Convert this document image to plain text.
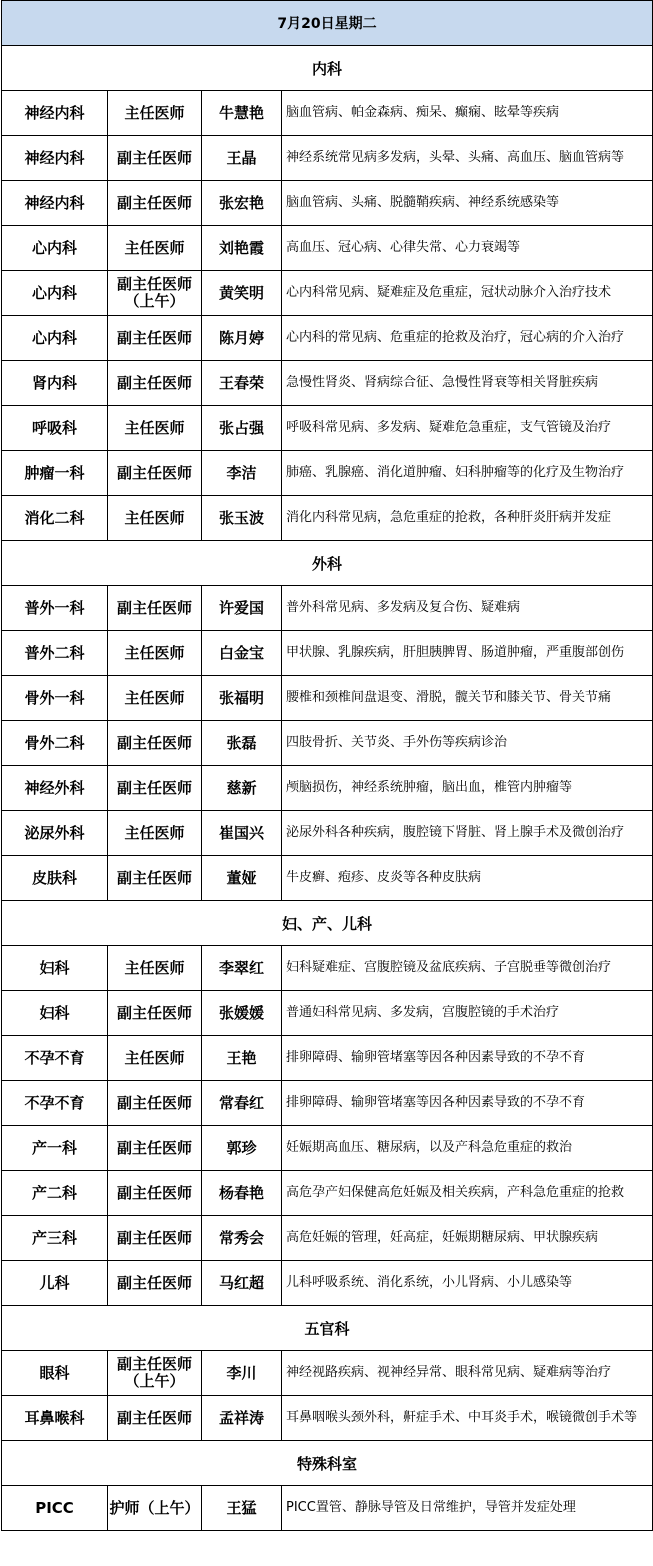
7月20日星期二			
内科			
神经内科	主任医师	牛慧艳	脑血管病、帕金森病、痴呆、癫痫、眩晕等疾病

神经内科	副主任医师	王晶	神经系统常见病多发病，头晕、头痛、高血压、脑血管病等

神经内科	副主任医师	张宏艳	脑血管病、头痛、脱髓鞘疾病、神经系统感染等

心内科	主任医师	刘艳霞	高血压、冠心病、心律失常、心力衰竭等

心内科	副主任医师（上午）	黄笑明	心内科常见病、疑难症及危重症，冠状动脉介入治疗技术

心内科	副主任医师	陈月婷	心内科的常见病、危重症的抢救及治疗，冠心病的介入治疗

肾内科	副主任医师	王春荣	急慢性肾炎、肾病综合征、急慢性肾衰等相关肾脏疾病

呼吸科	主任医师	张占强	呼吸科常见病、多发病、疑难危急重症，支气管镜及治疗

肿瘤一科	副主任医师	李洁	肺癌、乳腺癌、消化道肿瘤、妇科肿瘤等的化疗及生物治疗

消化二科	主任医师	张玉波	消化内科常见病，急危重症的抢救，各种肝炎肝病并发症

外科			
普外一科	副主任医师	许爱国	普外科常见病、多发病及复合伤、疑难病

普外二科	主任医师	白金宝	甲状腺、乳腺疾病，肝胆胰脾胃、肠道肿瘤，严重腹部创伤

骨外一科	主任医师	张福明	腰椎和颈椎间盘退变、滑脱，髋关节和膝关节、骨关节痛

骨外二科	副主任医师	张磊	四肢骨折、关节炎、手外伤等疾病诊治

神经外科	副主任医师	慈新	颅脑损伤，神经系统肿瘤，脑出血，椎管内肿瘤等

泌尿外科	主任医师	崔国兴	泌尿外科各种疾病，腹腔镜下肾脏、肾上腺手术及微创治疗

皮肤科	副主任医师	董娅	牛皮癣、疱疹、皮炎等各种皮肤病

妇、产、儿科			
妇科	主任医师	李翠红	妇科疑难症、宫腹腔镜及盆底疾病、子宫脱垂等微创治疗

妇科	副主任医师	张媛媛	普通妇科常见病、多发病，宫腹腔镜的手术治疗

不孕不育	主任医师	王艳	排卵障碍、输卵管堵塞等因各种因素导致的不孕不育

不孕不育	副主任医师	常春红	排卵障碍、输卵管堵塞等因各种因素导致的不孕不育

产一科	副主任医师	郭珍	妊娠期高血压、糖尿病，以及产科急危重症的救治

产二科	副主任医师	杨春艳	高危孕产妇保健高危妊娠及相关疾病，产科急危重症的抢救

产三科	副主任医师	常秀会	高危妊娠的管理，妊高症，妊娠期糖尿病、甲状腺疾病

儿科	副主任医师	马红超	儿科呼吸系统、消化系统，小儿肾病、小儿感染等

五官科			
眼科	副主任医师（上午）	李川	神经视路疾病、视神经异常、眼科常见病、疑难病等治疗

耳鼻喉科	副主任医师	孟祥涛	耳鼻咽喉头颈外科，鼾症手术、中耳炎手术，喉镜微创手术等

特殊科室			
PICC	护师（上午）	王猛	PICC置管、静脉导管及日常维护，导管并发症处理
